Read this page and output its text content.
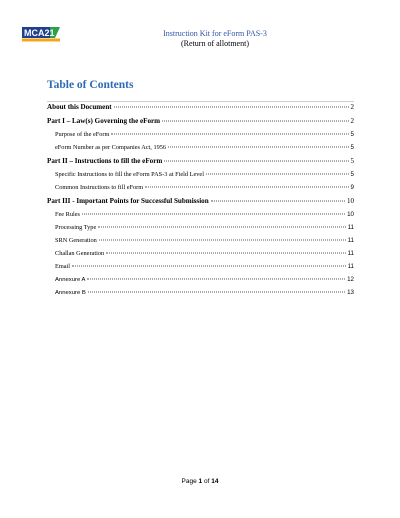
MCA21	Instruction Kit for eForm PAS-3
(Return of allotment)
Table of Contents
About this Document	2
Part I – Law(s) Governing the eForm	2
Purpose of the eForm	5
eForm Number as per Companies Act, 1956	5
Part II – Instructions to fill the eForm	5
Specific Instructions to fill the eForm PAS-3 at Field Level	5
Common Instructions to fill eForm	9
Part III - Important Points for Successful Submission	10
Fee Rules	10
Processing Type	11
SRN Generation	11
Challan Generation	11
Email	11
Annexure A	12
Annexure B	13
Page 1 of 14
